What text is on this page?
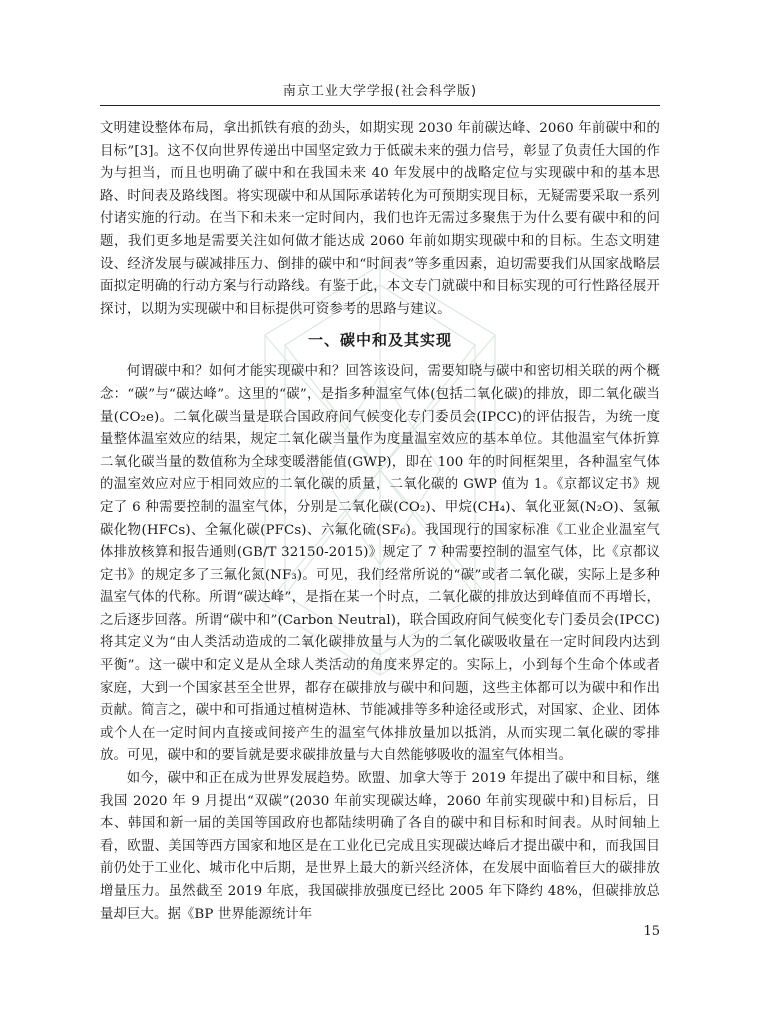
南京工业大学学报(社会科学版)

文明建设整体布局，拿出抓铁有痕的劲头，如期实现 2030 年前碳达峰、2060 年前碳中和的目标”[3]。这不仅向世界传递出中国坚定致力于低碳未来的强力信号，彰显了负责任大国的作为与担当，而且也明确了碳中和在我国未来 40 年发展中的战略定位与实现碳中和的基本思路、时间表及路线图。将实现碳中和从国际承诺转化为可预期实现目标，无疑需要采取一系列付诸实施的行动。在当下和未来一定时间内，我们也许无需过多聚焦于为什么要有碳中和的问题，我们更多地是需要关注如何做才能达成 2060 年前如期实现碳中和的目标。生态文明建设、经济发展与碳减排压力、倒排的碳中和“时间表”等多重因素，迫切需要我们从国家战略层面拟定明确的行动方案与行动路线。有鉴于此，本文专门就碳中和目标实现的可行性路径展开探讨，以期为实现碳中和目标提供可资参考的思路与建议。

一、碳中和及其实现

何谓碳中和？如何才能实现碳中和？回答该设问，需要知晓与碳中和密切相关联的两个概念：“碳”与“碳达峰”。这里的“碳”，是指多种温室气体(包括二氧化碳)的排放，即二氧化碳当量(CO₂e)。二氧化碳当量是联合国政府间气候变化专门委员会(IPCC)的评估报告，为统一度量整体温室效应的结果，规定二氧化碳当量作为度量温室效应的基本单位。其他温室气体折算二氧化碳当量的数值称为全球变暖潜能值(GWP)，即在 100 年的时间框架里，各种温室气体的温室效应对应于相同效应的二氧化碳的质量，二氧化碳的 GWP 值为 1。《京都议定书》规定了 6 种需要控制的温室气体，分别是二氧化碳(CO₂)、甲烷(CH₄)、氧化亚氮(N₂O)、氢氟碳化物(HFCs)、全氟化碳(PFCs)、六氟化硫(SF₆)。我国现行的国家标准《工业企业温室气体排放核算和报告通则(GB/T 32150-2015)》规定了 7 种需要控制的温室气体，比《京都议定书》的规定多了三氟化氮(NF₃)。可见，我们经常所说的“碳”或者二氧化碳，实际上是多种温室气体的代称。所谓“碳达峰”，是指在某一个时点，二氧化碳的排放达到峰值而不再增长，之后逐步回落。所谓“碳中和”(Carbon Neutral)，联合国政府间气候变化专门委员会(IPCC)将其定义为“由人类活动造成的二氧化碳排放量与人为的二氧化碳吸收量在一定时间段内达到平衡”。这一碳中和定义是从全球人类活动的角度来界定的。实际上，小到每个生命个体或者家庭，大到一个国家甚至全世界，都存在碳排放与碳中和问题，这些主体都可以为碳中和作出贡献。简言之，碳中和可指通过植树造林、节能减排等多种途径或形式，对国家、企业、团体或个人在一定时间内直接或间接产生的温室气体排放量加以抵消，从而实现二氧化碳的零排放。可见，碳中和的要旨就是要求碳排放量与大自然能够吸收的温室气体相当。

如今，碳中和正在成为世界发展趋势。欧盟、加拿大等于 2019 年提出了碳中和目标，继我国 2020 年 9 月提出“双碳”(2030 年前实现碳达峰，2060 年前实现碳中和)目标后，日本、韩国和新一届的美国等国政府也都陆续明确了各自的碳中和目标和时间表。从时间轴上看，欧盟、美国等西方国家和地区是在工业化已完成且实现碳达峰后才提出碳中和，而我国目前仍处于工业化、城市化中后期，是世界上最大的新兴经济体，在发展中面临着巨大的碳排放增量压力。虽然截至 2019 年底，我国碳排放强度已经比 2005 年下降约 48%，但碳排放总量却巨大。据《BP 世界能源统计年

15
